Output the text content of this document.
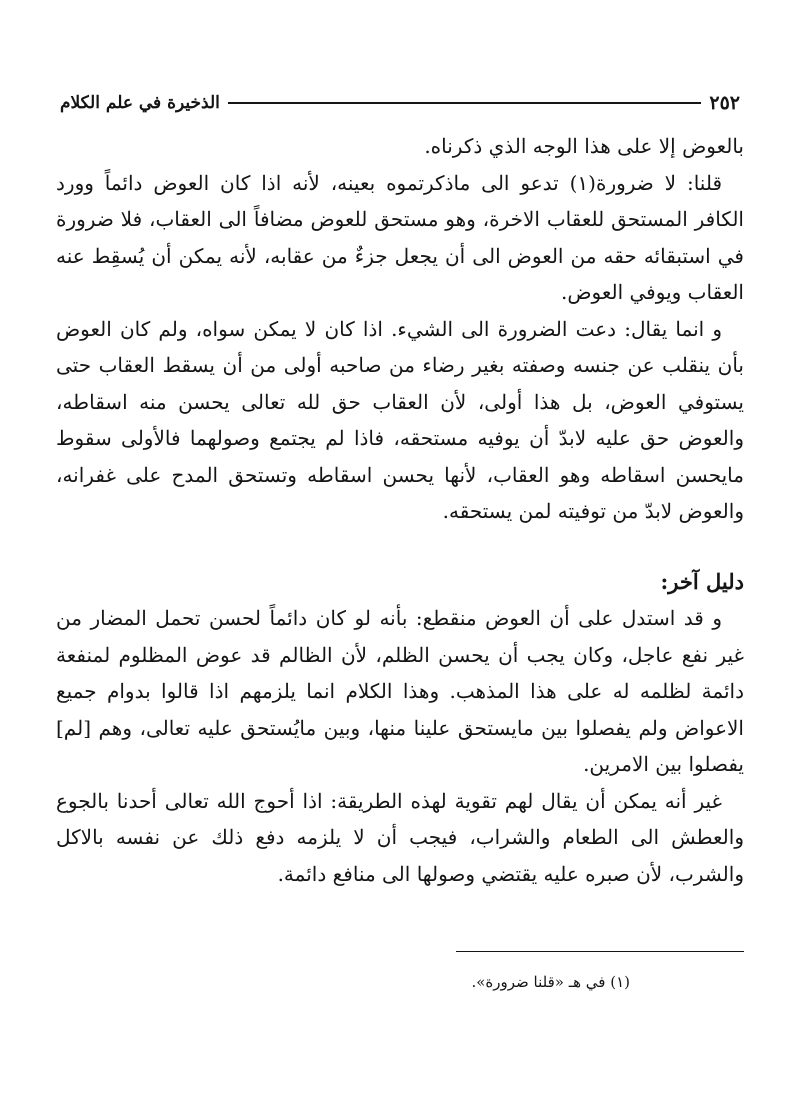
الذخيرة في علم الكلام	٢٥٢

بالعوض إلا على هذا الوجه الذي ذكرناه.

قلنا: لا ضرورة(١) تدعو الى ماذكرتموه بعينه، لأنه اذا كان العوض دائماً وورد الكافر المستحق للعقاب الاخرة، وهو مستحق للعوض مضافاً الى العقاب، فلا ضرورة في استبقائه حقه من العوض الى أن يجعل جزءٌ من عقابه، لأنه يمكن أن يُسقِط عنه العقاب ويوفي العوض.

و انما يقال: دعت الضرورة الى الشيء. اذا كان لا يمكن سواه، ولم كان العوض بأن ينقلب عن جنسه وصفته بغير رضاء من صاحبه أولى من أن يسقط العقاب حتى يستوفي العوض، بل هذا أولى، لأن العقاب حق لله تعالى يحسن منه اسقاطه، والعوض حق عليه لابدّ أن يوفيه مستحقه، فاذا لم يجتمع وصولهما فالأولى سقوط مايحسن اسقاطه وهو العقاب، لأنها يحسن اسقاطه وتستحق المدح على غفرانه، والعوض لابدّ من توفيته لمن يستحقه.

دليل آخر:

و قد استدل على أن العوض منقطع: بأنه لو كان دائماً لحسن تحمل المضار من غير نفع عاجل، وكان يجب أن يحسن الظلم، لأن الظالم قد عوض المظلوم لمنفعة دائمة لظلمه له على هذا المذهب. وهذا الكلام انما يلزمهم اذا قالوا بدوام جميع الاعواض ولم يفصلوا بين مايستحق علينا منها، وبين مايُستحق عليه تعالى، وهم [لم] يفصلوا بين الامرين.

غير أنه يمكن أن يقال لهم تقوية لهذه الطريقة: اذا أحوج الله تعالى أحدنا بالجوع والعطش الى الطعام والشراب، فيجب أن لا يلزمه دفع ذلك عن نفسه بالاكل والشرب، لأن صبره عليه يقتضي وصولها الى منافع دائمة.

(١) في هـ «قلنا ضرورة».
